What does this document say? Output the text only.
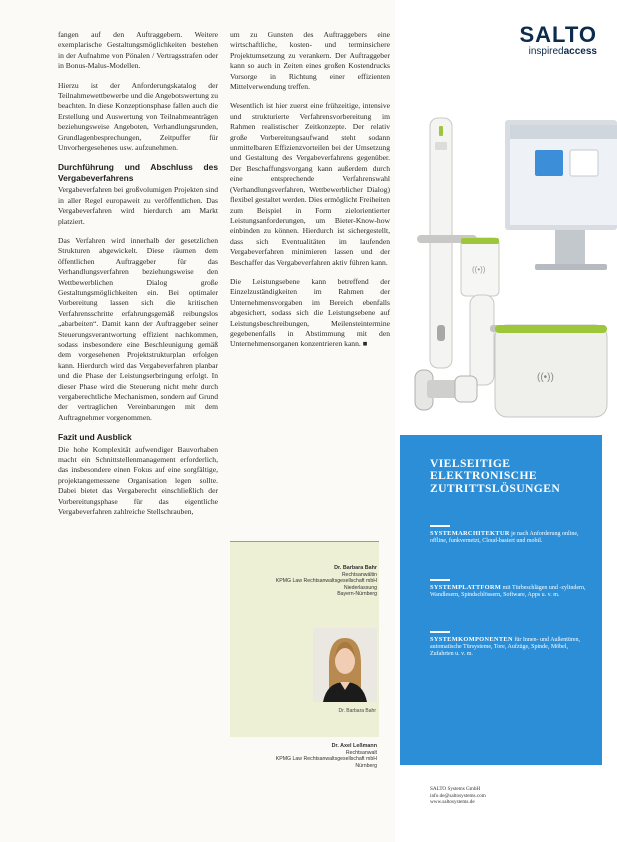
fangen auf den Auftraggebern. Weitere exemplarische Gestaltungsmöglichkeiten bestehen in der Aufnahme von Pönalen / Vertragsstrafen oder in Bonus-Malus-Modellen.

Hierzu ist der Anforderungskatalog der Teilnahmewettbewerbe und die Angebotswertung zu beachten. In diese Konzeptionsphase fallen auch die Erstellung und Auswertung von Teilnahmeanträgen beziehungsweise Angeboten, Verhandlungsrunden, Grundlagenbesprechungen, Zeitpuffer für Unvorhergesehenes usw. aufzunehmen.

Durchführung und Abschluss des Vergabeverfahrens

Vergabeverfahren bei großvolumigen Projekten sind in aller Regel europaweit zu veröffentlichen. Das Vergabeverfahren wird hierdurch am Markt platziert.

Das Verfahren wird innerhalb der gesetzlichen Strukturen abgewickelt. Diese räumen dem öffentlichen Auftraggeber für das Verhandlungsverfahren beziehungsweise den Wettbewerblichen Dialog große Gestaltungsmöglichkeiten ein. Bei optimaler Vorbereitung lassen sich die kritischen Verfahrensschritte erfahrungsgemäß reibungslos „abarbeiten“. Damit kann der Auftraggeber seiner Steuerungsverantwortung effizient nachkommen, sodass insbesondere eine Beschleunigung gemäß dem vorgesehenen Projektstrukturplan erfolgen kann. Hierdurch wird das Vergabeverfahren planbar und die Phase der Leistungserbringung erfolgt. In dieser Phase wird die Steuerung nicht mehr durch vergaberechtliche Mechanismen, sondern auf Grund der vertraglichen Vereinbarungen mit dem Auftragnehmer vorgenommen.

Fazit und Ausblick

Die hohe Komplexität aufwendiger Bauvorhaben macht ein Schnittstellenmanagement erforderlich, das insbesondere einen Fokus auf eine sorgfältige, projektangemessene Organisation legen sollte. Dabei bietet das Vergaberecht einschließlich der Vorbereitungsphase für das eigentliche Vergabeverfahren zahlreiche Stellschrauben,

um zu Gunsten des Auftraggebers eine wirtschaftliche, kosten- und terminsichere Projektumsetzung zu verankern. Der Auftraggeber kann so auch in Zeiten eines großen Kostendrucks Vorsorge in Richtung einer effizienten Mittelverwendung treffen.

Wesentlich ist hier zuerst eine frühzeitige, intensive und strukturierte Verfahrensvorbereitung im Rahmen realistischer Zeitkonzepte. Der relativ große Vorbereitungsaufwand steht sodann unmittelbaren Effizienzvorteilen bei der Umsetzung und Gestaltung des Vergabeverfahrens gegenüber. Der Beschaffungsvorgang kann außerdem durch eine entsprechende Verfahrenswahl (Verhandlungsverfahren, Wettbewerblicher Dialog) flexibel gestaltet werden. Dies ermöglicht Freiheiten zum Beispiel in Form zielorientierter Leistungsanforderungen, um Bieter-Know-how einbinden zu können. Hierdurch ist sichergestellt, dass sich Eventualitäten im laufenden Vergabeverfahren minimieren lassen und der Beschaffer das Vergabeverfahren aktiv führen kann.

Die Leistungsebene kann betreffend der Einzelzuständigkeiten im Rahmen der Unternehmensvorgaben im Bereich ebenfalls abgesichert, sodass sich die Leistungsebene auf Leistungsbeschreibungen, Meilensteintermine gegebenenfalls in Abstimmung mit den Unternehmensorganen konzentrieren kann. ■

Dr. Barbara Bahr
Rechtsanwältin
KPMG Law Rechtsanwaltsgesellschaft mbH
Niederlassung
Bayern-Nürnberg
Dr. Axel Leßmann
Rechtsanwalt
KPMG Law Rechtsanwaltsgesellschaft mbH
Nürnberg
Dr. Barbara Bahr
SALTO
inspiredaccess
((•))
((•))
VIELSEITIGE ELEKTRONISCHE ZUTRITTSLÖSUNGEN
SYSTEMARCHITEKTUR je nach Anforderung online, offline, funkvernetzt, Cloud-basiert und mobil.
SYSTEMPLATTFORM mit Türbeschlägen und -zylindern, Wandlesern, Spindschlössern, Software, Apps u. v. m.
SYSTEMKOMPONENTEN für Innen- und Außentüren, automatische Türsysteme, Tore, Aufzüge, Spinde, Möbel, Zufahrten u. v. m.
SALTO Systems GmbH
info.de@saltosystems.com
www.saltosystems.de
